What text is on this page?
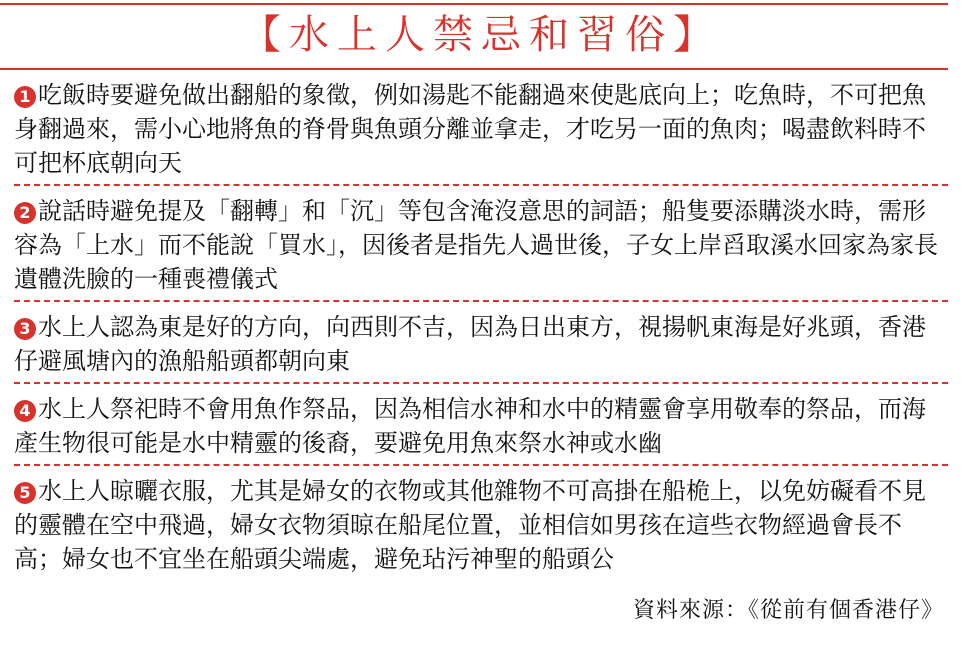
【水上人禁忌和習俗】
1 吃飯時要避免做出翻船的象徵，例如湯匙不能翻過來使匙底向上；吃魚時，不可把魚身翻過來，需小心地將魚的脊骨與魚頭分離並拿走，才吃另一面的魚肉；喝盡飲料時不可把杯底朝向天
2 說話時避免提及「翻轉」和「沉」等包含淹沒意思的詞語；船隻要添購淡水時，需形容為「上水」而不能說「買水」，因後者是指先人過世後，子女上岸舀取溪水回家為家長遺體洗臉的一種喪禮儀式
3 水上人認為東是好的方向，向西則不吉，因為日出東方，視揚帆東海是好兆頭，香港仔避風塘內的漁船船頭都朝向東
4 水上人祭祀時不會用魚作祭品，因為相信水神和水中的精靈會享用敬奉的祭品，而海產生物很可能是水中精靈的後裔，要避免用魚來祭水神或水幽
5 水上人晾曬衣服，尤其是婦女的衣物或其他雜物不可高掛在船桅上，以免妨礙看不見的靈體在空中飛過，婦女衣物須晾在船尾位置，並相信如男孩在這些衣物經過會長不高；婦女也不宜坐在船頭尖端處，避免玷污神聖的船頭公
資料來源：《從前有個香港仔》
